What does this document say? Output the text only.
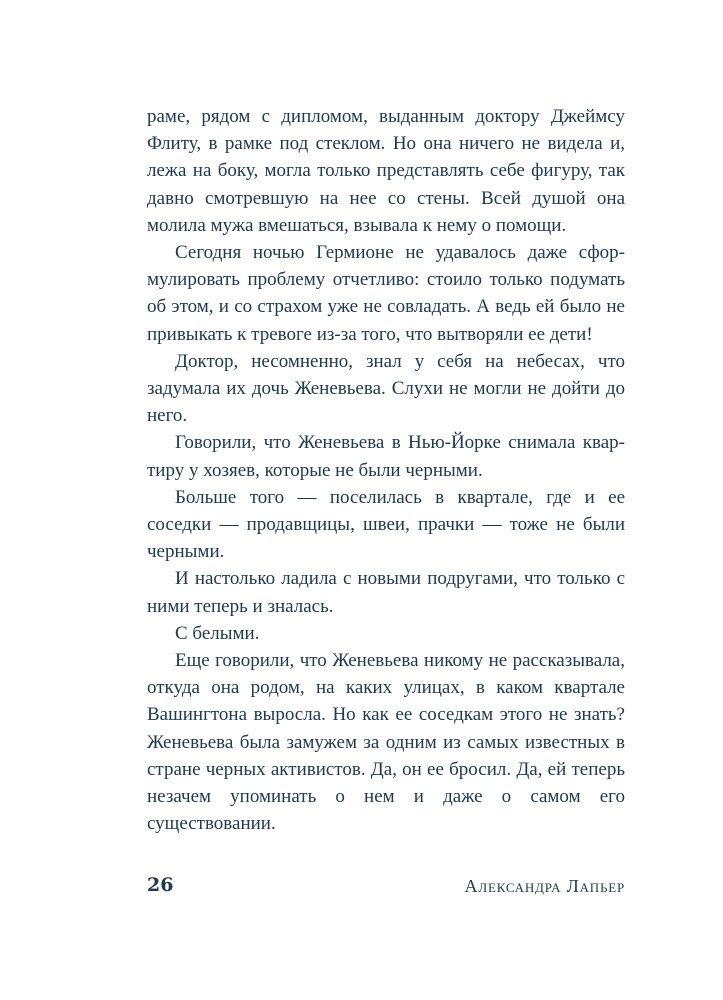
раме, рядом с дипломом, выданным доктору Джеймсу Флиту, в рамке под стеклом. Но она ничего не видела и, лежа на боку, могла только представлять себе фигуру, так давно смотревшую на нее со стены. Всей душой она молила мужа вмешаться, взывала к нему о помощи.

Сегодня ночью Гермионе не удавалось даже сформулировать проблему отчетливо: стоило только подумать об этом, и со страхом уже не совладать. А ведь ей было не привыкать к тревоге из-за того, что вытворяли ее дети!

Доктор, несомненно, знал у себя на небесах, что задумала их дочь Женевьева. Слухи не могли не дойти до него.

Говорили, что Женевьева в Нью-Йорке снимала квартиру у хозяев, которые не были черными.

Больше того — поселилась в квартале, где и ее соседки — продавщицы, швеи, прачки — тоже не были черными.

И настолько ладила с новыми подругами, что только с ними теперь и зналась.

С белыми.

Еще говорили, что Женевьева никому не рассказывала, откуда она родом, на каких улицах, в каком квартале Вашингтона выросла. Но как ее соседкам этого не знать? Женевьева была замужем за одним из самых известных в стране черных активистов. Да, он ее бросил. Да, ей теперь незачем упоминать о нем и даже о самом его существовании.

26	Александра Лапьер
